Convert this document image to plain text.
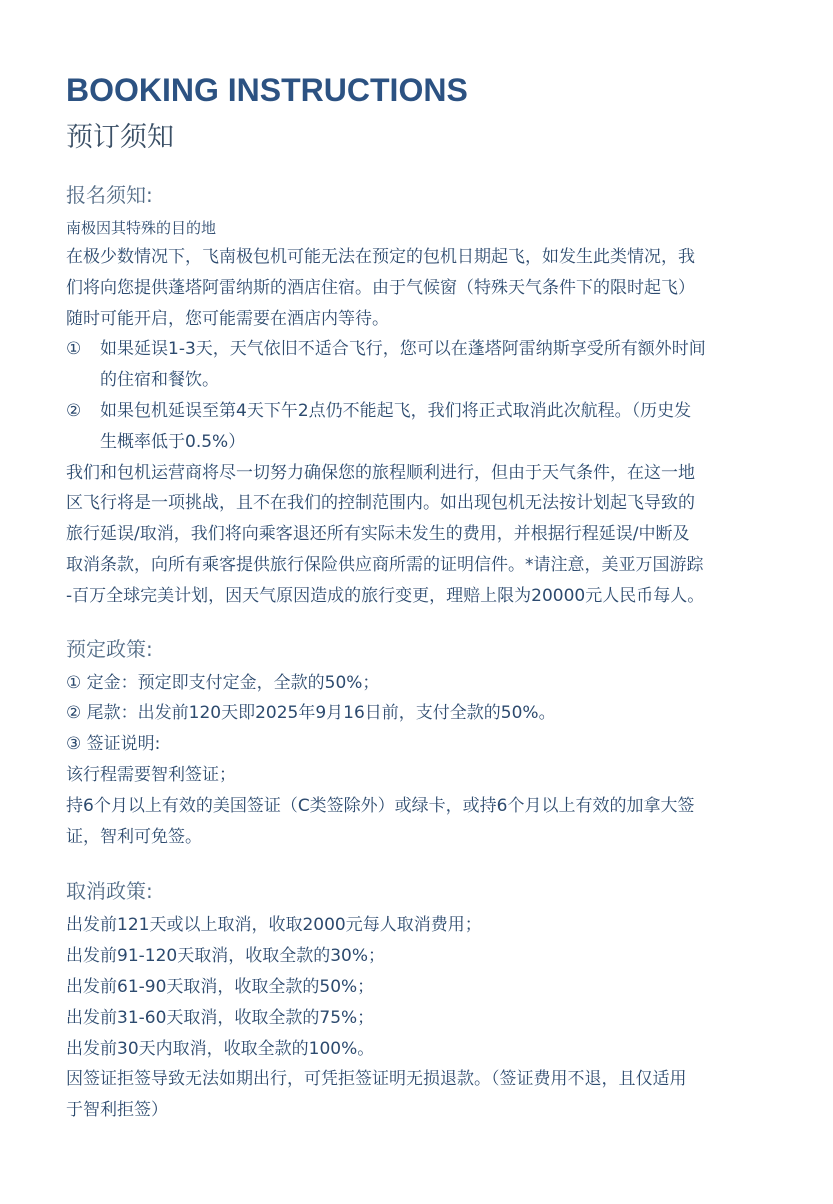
BOOKING INSTRUCTIONS
预订须知

报名须知:

南极因其特殊的目的地

在极少数情况下，飞南极包机可能无法在预定的包机日期起飞，如发生此类情况，我

们将向您提供蓬塔阿雷纳斯的酒店住宿。由于气候窗（特殊天气条件下的限时起飞）

随时可能开启，您可能需要在酒店内等待。

① 如果延误1-3天，天气依旧不适合飞行，您可以在蓬塔阿雷纳斯享受所有额外时间
的住宿和餐饮。
② 如果包机延误至第4天下午2点仍不能起飞，我们将正式取消此次航程。（历史发
生概率低于0.5%）

我们和包机运营商将尽一切努力确保您的旅程顺利进行，但由于天气条件，在这一地

区飞行将是一项挑战，且不在我们的控制范围内。如出现包机无法按计划起飞导致的

旅行延误/取消，我们将向乘客退还所有实际未发生的费用，并根据行程延误/中断及

取消条款，向所有乘客提供旅行保险供应商所需的证明信件。*请注意，美亚万国游踪

-百万全球完美计划，因天气原因造成的旅行变更，理赔上限为20000元人民币每人。

预定政策:

① 定金：预定即支付定金，全款的50%；

② 尾款：出发前120天即2025年9月16日前，支付全款的50%。

③ 签证说明:

该行程需要智利签证；

持6个月以上有效的美国签证（C类签除外）或绿卡，或持6个月以上有效的加拿大签

证，智利可免签。

取消政策:

出发前121天或以上取消，收取2000元每人取消费用；

出发前91-120天取消，收取全款的30%；

出发前61-90天取消，收取全款的50%；

出发前31-60天取消，收取全款的75%；

出发前30天内取消，收取全款的100%。

因签证拒签导致无法如期出行，可凭拒签证明无损退款。（签证费用不退，且仅适用

于智利拒签）
